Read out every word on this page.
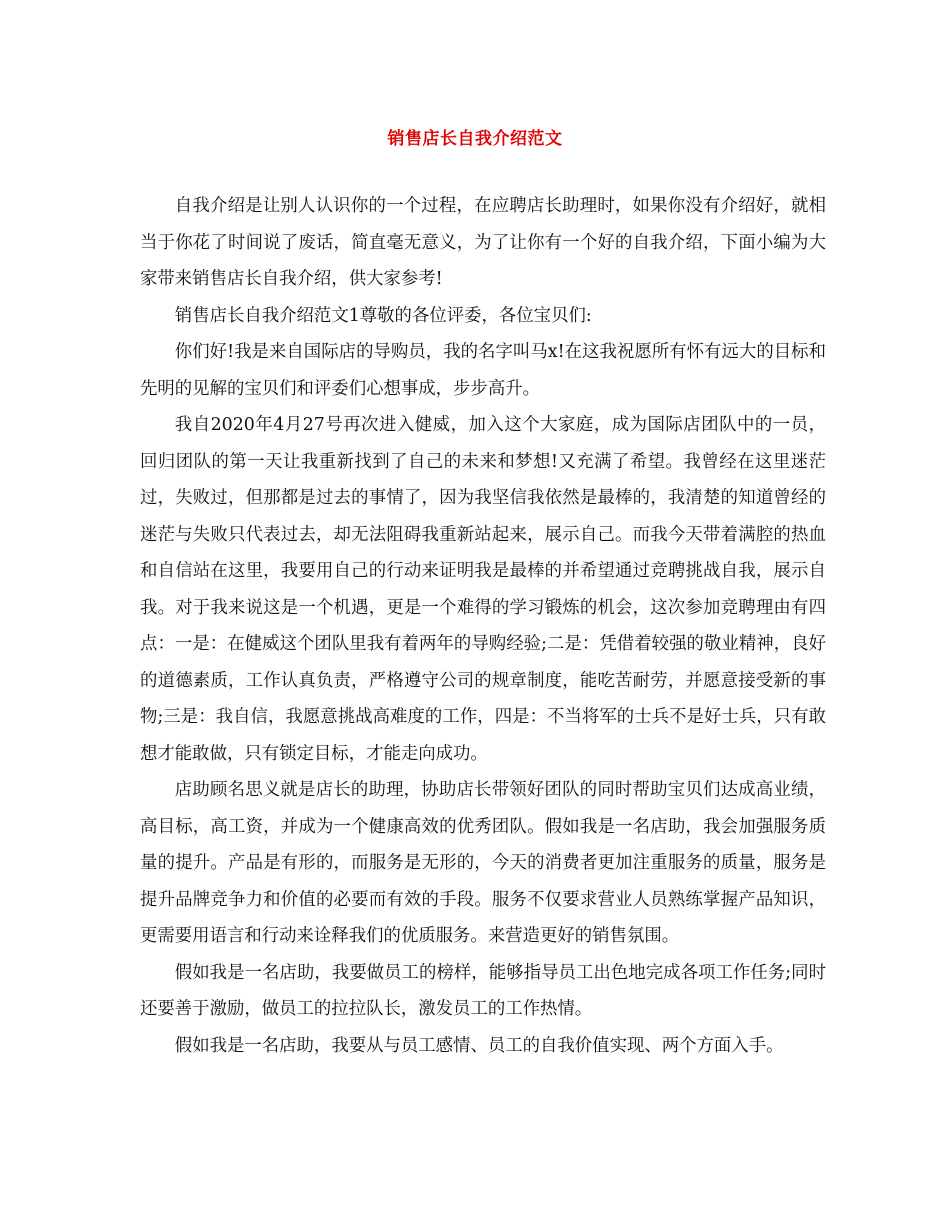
销售店长自我介绍范文

自我介绍是让别人认识你的一个过程，在应聘店长助理时，如果你没有介绍好，就相当于你花了时间说了废话，简直毫无意义，为了让你有一个好的自我介绍，下面小编为大家带来销售店长自我介绍，供大家参考!

销售店长自我介绍范文1尊敬的各位评委，各位宝贝们:

你们好!我是来自国际店的导购员，我的名字叫马x!在这我祝愿所有怀有远大的目标和先明的见解的宝贝们和评委们心想事成，步步高升。

我自2020年4月27号再次进入健威，加入这个大家庭，成为国际店团队中的一员，回归团队的第一天让我重新找到了自己的未来和梦想!又充满了希望。我曾经在这里迷茫过，失败过，但那都是过去的事情了，因为我坚信我依然是最棒的，我清楚的知道曾经的迷茫与失败只代表过去，却无法阻碍我重新站起来，展示自己。而我今天带着满腔的热血和自信站在这里，我要用自己的行动来证明我是最棒的并希望通过竞聘挑战自我，展示自我。对于我来说这是一个机遇，更是一个难得的学习锻炼的机会，这次参加竞聘理由有四点：一是：在健威这个团队里我有着两年的导购经验;二是：凭借着较强的敬业精神，良好的道德素质，工作认真负责，严格遵守公司的规章制度，能吃苦耐劳，并愿意接受新的事物;三是：我自信，我愿意挑战高难度的工作，四是：不当将军的士兵不是好士兵，只有敢想才能敢做，只有锁定目标，才能走向成功。

店助顾名思义就是店长的助理，协助店长带领好团队的同时帮助宝贝们达成高业绩，高目标，高工资，并成为一个健康高效的优秀团队。假如我是一名店助，我会加强服务质量的提升。产品是有形的，而服务是无形的，今天的消费者更加注重服务的质量，服务是提升品牌竞争力和价值的必要而有效的手段。服务不仅要求营业人员熟练掌握产品知识，更需要用语言和行动来诠释我们的优质服务。来营造更好的销售氛围。

假如我是一名店助，我要做员工的榜样，能够指导员工出色地完成各项工作任务;同时还要善于激励，做员工的拉拉队长，激发员工的工作热情。

假如我是一名店助，我要从与员工感情、员工的自我价值实现、两个方面入手。
